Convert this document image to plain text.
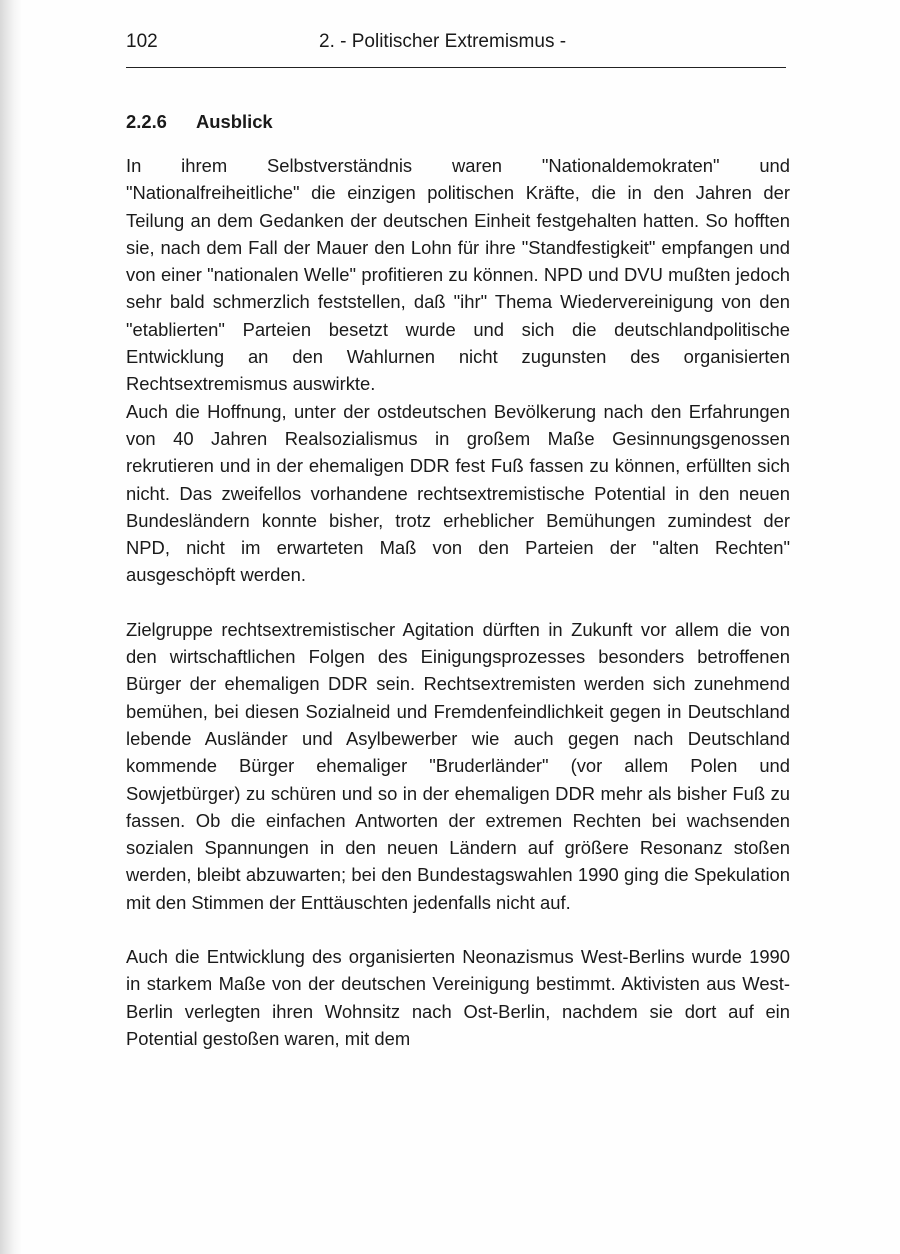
102	2. - Politischer Extremismus -
2.2.6 Ausblick

In ihrem Selbstverständnis waren "Nationaldemokraten" und "Nationalfreiheitliche" die einzigen politischen Kräfte, die in den Jahren der Teilung an dem Gedanken der deutschen Einheit festgehalten hatten. So hofften sie, nach dem Fall der Mauer den Lohn für ihre "Standfestigkeit" empfangen und von einer "nationalen Welle" profitieren zu können. NPD und DVU mußten jedoch sehr bald schmerzlich feststellen, daß "ihr" Thema Wiedervereinigung von den "etablierten" Parteien besetzt wurde und sich die deutschlandpolitische Entwicklung an den Wahlurnen nicht zugunsten des organisierten Rechtsextremismus auswirkte.

Auch die Hoffnung, unter der ostdeutschen Bevölkerung nach den Erfahrungen von 40 Jahren Realsozialismus in großem Maße Gesinnungsgenossen rekrutieren und in der ehemaligen DDR fest Fuß fassen zu können, erfüllten sich nicht. Das zweifellos vorhandene rechtsextremistische Potential in den neuen Bundesländern konnte bisher, trotz erheblicher Bemühungen zumindest der NPD, nicht im erwarteten Maß von den Parteien der "alten Rechten" ausgeschöpft werden.

Zielgruppe rechtsextremistischer Agitation dürften in Zukunft vor allem die von den wirtschaftlichen Folgen des Einigungsprozesses besonders betroffenen Bürger der ehemaligen DDR sein. Rechtsextremisten werden sich zunehmend bemühen, bei diesen Sozialneid und Fremdenfeindlichkeit gegen in Deutschland lebende Ausländer und Asylbewerber wie auch gegen nach Deutschland kommende Bürger ehemaliger "Bruderländer" (vor allem Polen und Sowjetbürger) zu schüren und so in der ehemaligen DDR mehr als bisher Fuß zu fassen. Ob die einfachen Antworten der extremen Rechten bei wachsenden sozialen Spannungen in den neuen Ländern auf größere Resonanz stoßen werden, bleibt abzuwarten; bei den Bundestagswahlen 1990 ging die Spekulation mit den Stimmen der Enttäuschten jedenfalls nicht auf.

Auch die Entwicklung des organisierten Neonazismus West-Berlins wurde 1990 in starkem Maße von der deutschen Vereinigung bestimmt. Aktivisten aus West-Berlin verlegten ihren Wohnsitz nach Ost-Berlin, nachdem sie dort auf ein Potential gestoßen waren, mit dem
